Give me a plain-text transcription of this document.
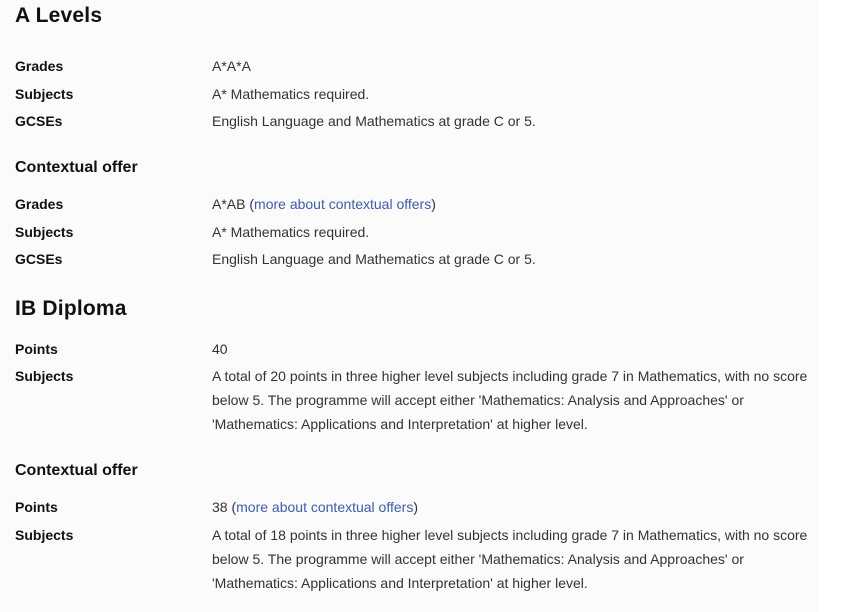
A Levels
Grades	A*A*A
Subjects	A* Mathematics required.
GCSEs	English Language and Mathematics at grade C or 5.
Contextual offer
Grades	A*AB (more about contextual offers)
Subjects	A* Mathematics required.
GCSEs	English Language and Mathematics at grade C or 5.
IB Diploma
Points	40
Subjects	A total of 20 points in three higher level subjects including grade 7 in Mathematics, with no score below 5. The programme will accept either 'Mathematics: Analysis and Approaches' or 'Mathematics: Applications and Interpretation' at higher level.
Contextual offer
Points	38 (more about contextual offers)
Subjects	A total of 18 points in three higher level subjects including grade 7 in Mathematics, with no score below 5. The programme will accept either 'Mathematics: Analysis and Approaches' or 'Mathematics: Applications and Interpretation' at higher level.
